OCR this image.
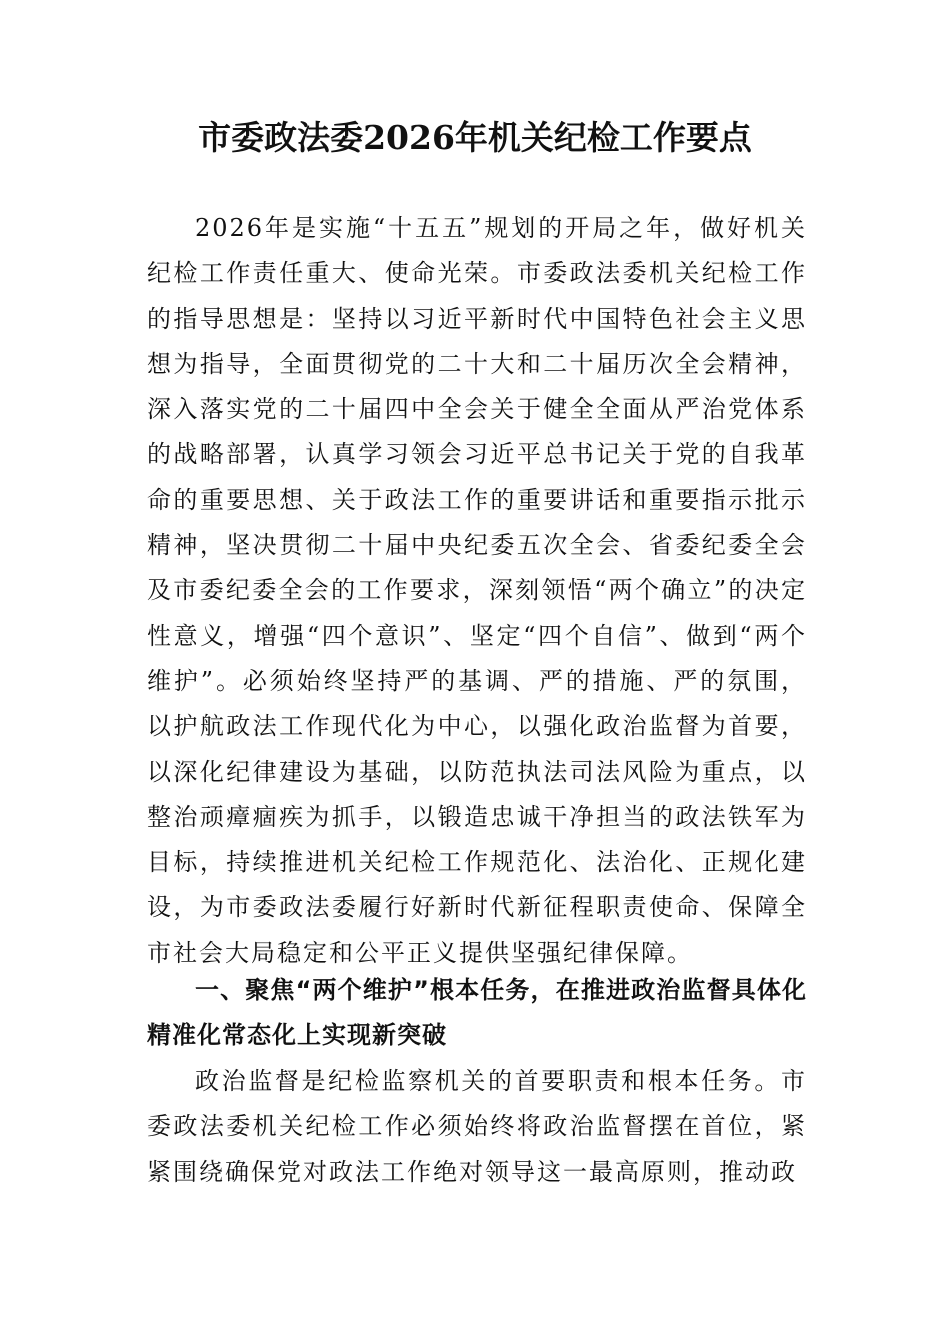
市委政法委2026年机关纪检工作要点

2026年是实施“十五五”规划的开局之年，做好机关纪检工作责任重大、使命光荣。市委政法委机关纪检工作的指导思想是：坚持以习近平新时代中国特色社会主义思想为指导，全面贯彻党的二十大和二十届历次全会精神，深入落实党的二十届四中全会关于健全全面从严治党体系的战略部署，认真学习领会习近平总书记关于党的自我革命的重要思想、关于政法工作的重要讲话和重要指示批示精神，坚决贯彻二十届中央纪委五次全会、省委纪委全会及市委纪委全会的工作要求，深刻领悟“两个确立”的决定性意义，增强“四个意识”、坚定“四个自信”、做到“两个维护”。必须始终坚持严的基调、严的措施、严的氛围，以护航政法工作现代化为中心，以强化政治监督为首要，以深化纪律建设为基础，以防范执法司法风险为重点，以整治顽瘴痼疾为抓手，以锻造忠诚干净担当的政法铁军为目标，持续推进机关纪检工作规范化、法治化、正规化建设，为市委政法委履行好新时代新征程职责使命、保障全市社会大局稳定和公平正义提供坚强纪律保障。

一、聚焦“两个维护”根本任务，在推进政治监督具体化精准化常态化上实现新突破

政治监督是纪检监察机关的首要职责和根本任务。市委政法委机关纪检工作必须始终将政治监督摆在首位，紧紧围绕确保党对政法工作绝对领导这一最高原则，推动政
